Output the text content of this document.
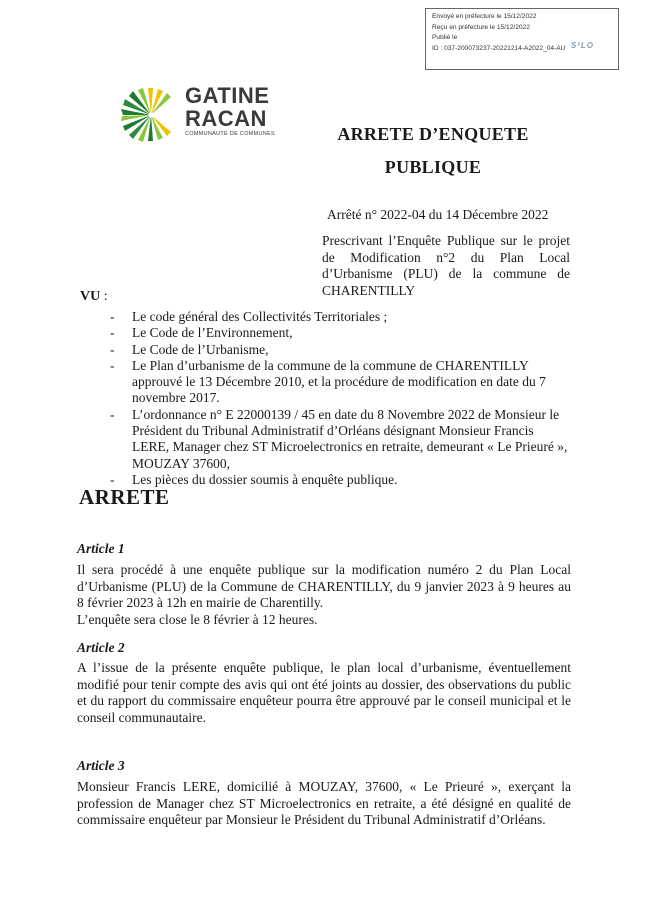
Envoyé en préfecture le 15/12/2022
Reçu en préfecture le 15/12/2022
Publié le
ID : 037-200073237-20221214-A2022_04-AU S²LO
GATINE
RACAN
COMMUNAUTÉ DE COMMUNES	ARRETE D’ENQUETE
PUBLIQUE
Arrêté n° 2022-04 du 14 Décembre 2022
Prescrivant l’Enquête Publique sur le projet de Modification n°2 du Plan Local d’Urbanisme (PLU) de la commune de CHARENTILLY
VU :
- Le code général des Collectivités Territoriales ;
- Le Code de l’Environnement,
- Le Code de l’Urbanisme,
- Le Plan d’urbanisme de la commune de la commune de CHARENTILLY approuvé le 13 Décembre 2010, et la procédure de modification en date du 7 novembre 2017.
- L’ordonnance n° E 22000139 / 45 en date du 8 Novembre 2022 de Monsieur le Président du Tribunal Administratif d’Orléans désignant Monsieur Francis LERE, Manager chez ST Microelectronics en retraite, demeurant « Le Prieuré », MOUZAY 37600,
- Les pièces du dossier soumis à enquête publique.
ARRETE
Article 1
Il sera procédé à une enquête publique sur la modification numéro 2 du Plan Local d’Urbanisme (PLU) de la Commune de CHARENTILLY, du 9 janvier 2023 à 9 heures au 8 février 2023 à 12h en mairie de Charentilly.
L’enquête sera close le 8 février à 12 heures.
Article 2
A l’issue de la présente enquête publique, le plan local d’urbanisme, éventuellement modifié pour tenir compte des avis qui ont été joints au dossier, des observations du public et du rapport du commissaire enquêteur pourra être approuvé par le conseil municipal et le conseil communautaire.
Article 3
Monsieur Francis LERE, domicilié à MOUZAY, 37600, « Le Prieuré », exerçant la profession de Manager chez ST Microelectronics en retraite, a été désigné en qualité de commissaire enquêteur par Monsieur le Président du Tribunal Administratif d’Orléans.
